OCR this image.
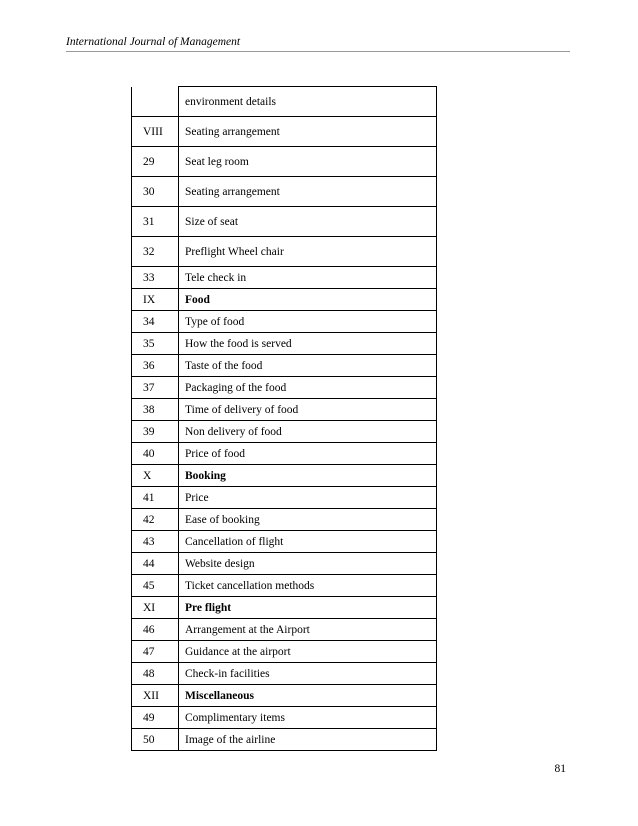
International Journal of Management
	environment details
VIII	Seating arrangement
29	Seat leg room
30	Seating arrangement
31	Size of seat
32	Preflight Wheel chair
33	Tele check in
IX	Food
34	Type of food
35	How the food is served
36	Taste of the food
37	Packaging of the food
38	Time of delivery of food
39	Non delivery of food
40	Price of food
X	Booking
41	Price
42	Ease of booking
43	Cancellation of flight
44	Website design
45	Ticket cancellation methods
XI	Pre flight
46	Arrangement at the Airport
47	Guidance at the airport
48	Check-in facilities
XII	Miscellaneous
49	Complimentary items
50	Image of the airline
81
